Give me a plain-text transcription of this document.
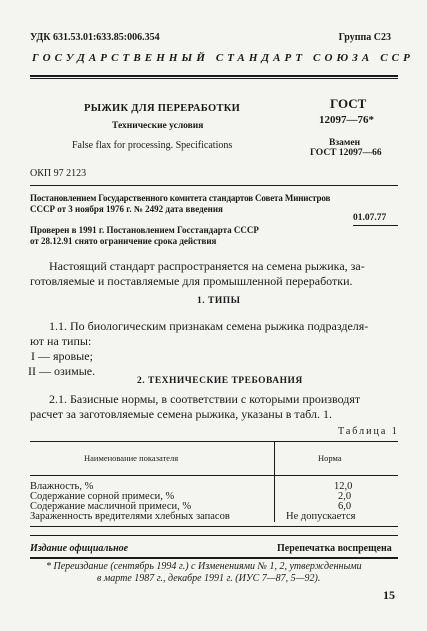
УДК 631.53.01:633.85:006.354	Группа С23
ГОСУДАРСТВЕННЫЙ СТАНДАРТ СОЮЗА ССР
РЫЖИК ДЛЯ ПЕРЕРАБОТКИ
Технические условия
False flax for processing. Specifications
ГОСТ
12097—76*
Взамен
ГОСТ 12097—66
ОКП 97 2123
Постановлением Государственного комитета стандартов Совета Министров
СССР от 3 ноября 1976 г. № 2492 дата введения
01.07.77
Проверен в 1991 г. Постановлением Госстандарта СССР
от 28.12.91 снято ограничение срока действия
Настоящий стандарт распространяется на семена рыжика, за-
готовляемые и поставляемые для промышленной переработки.
1. ТИПЫ
1.1. По биологическим признакам семена рыжика подразделя-
ют на типы:
I — яровые;
II — озимые.
2. ТЕХНИЧЕСКИЕ ТРЕБОВАНИЯ
2.1. Базисные нормы, в соответствии с которыми производят
расчет за заготовляемые семена рыжика, указаны в табл. 1.
Таблица 1
Наименование показателя	Норма
Влажность, %	12,0
Содержание сорной примеси, %	2,0
Содержание масличной примеси, %	6,0
Зараженность вредителями хлебных запасов	Не допускается
Издание официальное	Перепечатка воспрещена
* Переиздание (сентябрь 1994 г.) с Изменениями № 1, 2, утвержденными
в марте 1987 г., декабре 1991 г. (ИУС 7—87, 5—92).
15
